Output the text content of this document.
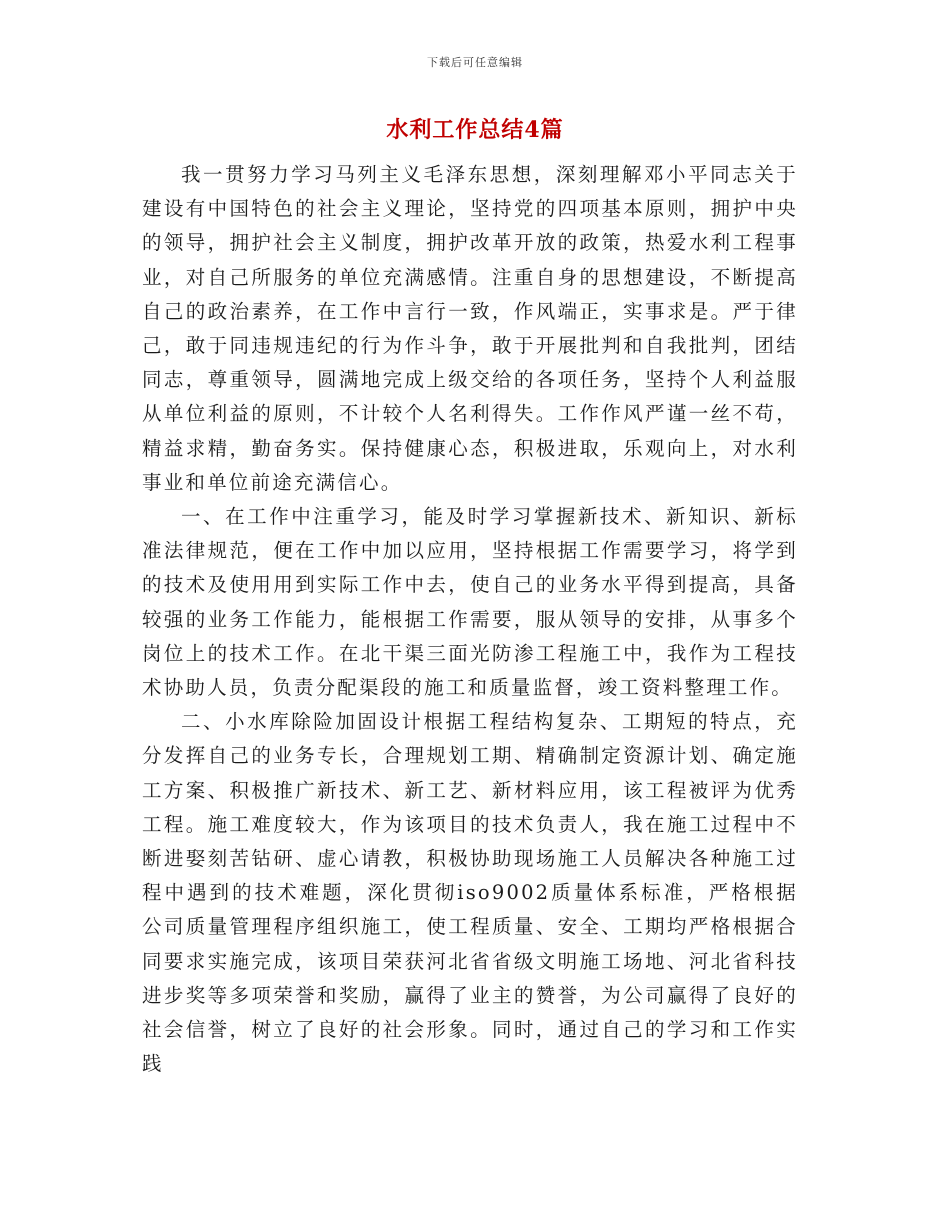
下载后可任意编辑
水利工作总结4篇

我一贯努力学习马列主义毛泽东思想，深刻理解邓小平同志关于建设有中国特色的社会主义理论，坚持党的四项基本原则，拥护中央的领导，拥护社会主义制度，拥护改革开放的政策，热爱水利工程事业，对自己所服务的单位充满感情。注重自身的思想建设，不断提高自己的政治素养，在工作中言行一致，作风端正，实事求是。严于律己，敢于同违规违纪的行为作斗争，敢于开展批判和自我批判，团结同志，尊重领导，圆满地完成上级交给的各项任务，坚持个人利益服从单位利益的原则，不计较个人名利得失。工作作风严谨一丝不苟，精益求精，勤奋务实。保持健康心态，积极进取，乐观向上，对水利事业和单位前途充满信心。

一、在工作中注重学习，能及时学习掌握新技术、新知识、新标准法律规范，便在工作中加以应用，坚持根据工作需要学习，将学到的技术及使用用到实际工作中去，使自己的业务水平得到提高，具备较强的业务工作能力，能根据工作需要，服从领导的安排，从事多个岗位上的技术工作。在北干渠三面光防渗工程施工中，我作为工程技术协助人员，负责分配渠段的施工和质量监督，竣工资料整理工作。

二、小水库除险加固设计根据工程结构复杂、工期短的特点，充分发挥自己的业务专长，合理规划工期、精确制定资源计划、确定施工方案、积极推广新技术、新工艺、新材料应用，该工程被评为优秀工程。施工难度较大，作为该项目的技术负责人，我在施工过程中不断进娶刻苦钻研、虚心请教，积极协助现场施工人员解决各种施工过程中遇到的技术难题，深化贯彻iso9002质量体系标准，严格根据公司质量管理程序组织施工，使工程质量、安全、工期均严格根据合同要求实施完成，该项目荣获河北省省级文明施工场地、河北省科技进步奖等多项荣誉和奖励，赢得了业主的赞誉，为公司赢得了良好的社会信誉，树立了良好的社会形象。同时，通过自己的学习和工作实践
